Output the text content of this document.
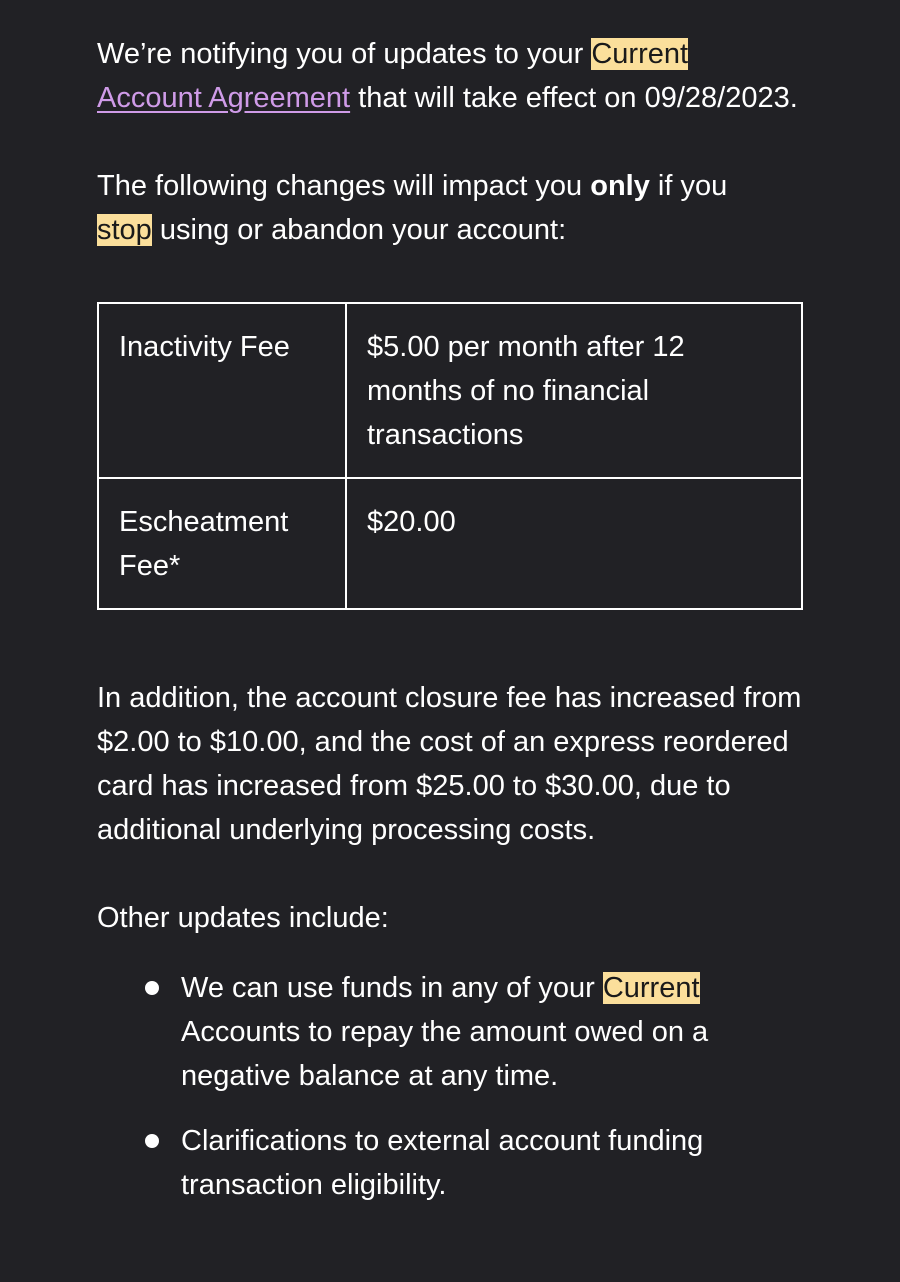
We’re notifying you of updates to your Current
Account Agreement that will take effect on 09/28/2023.

The following changes will impact you only if you
stop using or abandon your account:

Inactivity Fee	$5.00 per month after 12 months of no financial transactions
Escheatment Fee*	$20.00

In addition, the account closure fee has increased from $2.00 to $10.00, and the cost of an express reordered card has increased from $25.00 to $30.00, due to additional underlying processing costs.

Other updates include:

We can use funds in any of your Current Accounts to repay the amount owed on a negative balance at any time.
Clarifications to external account funding transaction eligibility.
